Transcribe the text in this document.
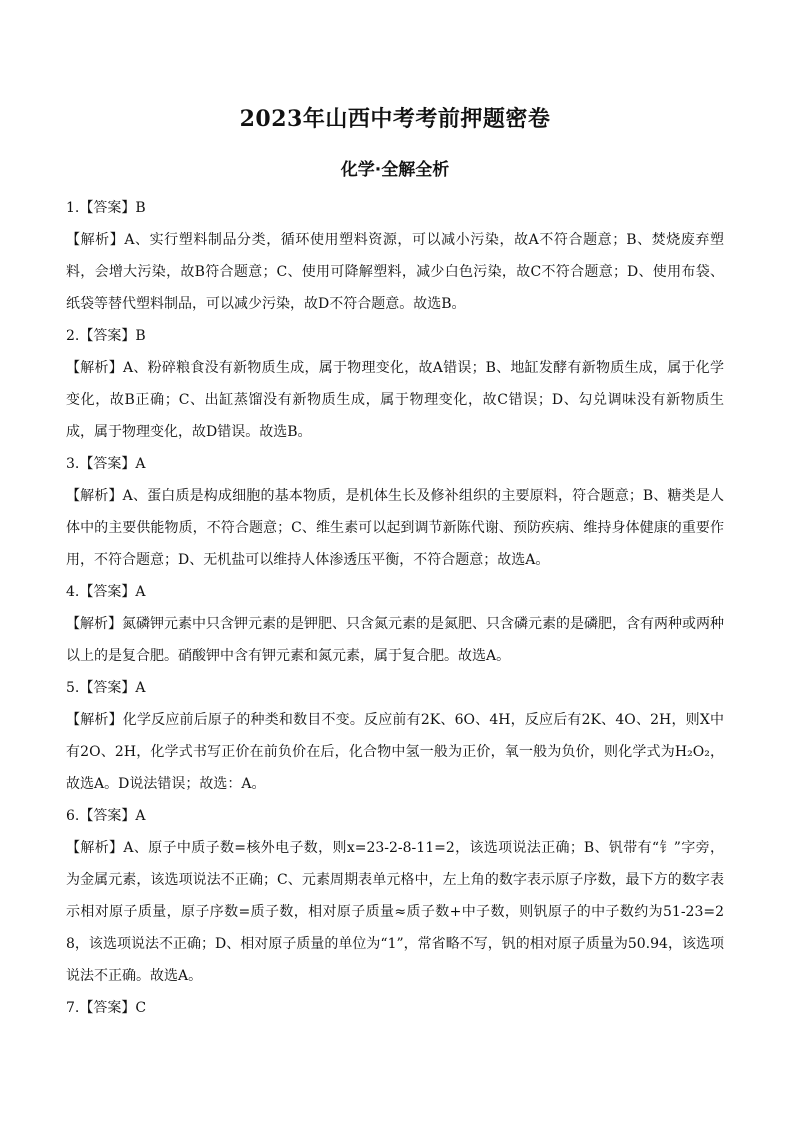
2023年山西中考考前押题密卷
化学·全解全析

1.【答案】B

【解析】A、实行塑料制品分类，循环使用塑料资源，可以减小污染，故A不符合题意；B、焚烧废弃塑料，会增大污染，故B符合题意；C、使用可降解塑料，减少白色污染，故C不符合题意；D、使用布袋、纸袋等替代塑料制品，可以减少污染，故D不符合题意。故选B。

2.【答案】B

【解析】A、粉碎粮食没有新物质生成，属于物理变化，故A错误；B、地缸发酵有新物质生成，属于化学变化，故B正确；C、出缸蒸馏没有新物质生成，属于物理变化，故C错误；D、勾兑调味没有新物质生成，属于物理变化，故D错误。故选B。

3.【答案】A

【解析】A、蛋白质是构成细胞的基本物质，是机体生长及修补组织的主要原料，符合题意；B、糖类是人体中的主要供能物质，不符合题意；C、维生素可以起到调节新陈代谢、预防疾病、维持身体健康的重要作用，不符合题意；D、无机盐可以维持人体渗透压平衡，不符合题意；故选A。

4.【答案】A

【解析】氮磷钾元素中只含钾元素的是钾肥、只含氮元素的是氮肥、只含磷元素的是磷肥，含有两种或两种以上的是复合肥。硝酸钾中含有钾元素和氮元素，属于复合肥。故选A。

5.【答案】A

【解析】化学反应前后原子的种类和数目不变。反应前有2K、6O、4H，反应后有2K、4O、2H，则X中有2O、2H，化学式书写正价在前负价在后，化合物中氢一般为正价，氧一般为负价，则化学式为H₂O₂，故选A。D说法错误；故选：A。

6.【答案】A

【解析】A、原子中质子数=核外电子数，则x=23-2-8-11=2，该选项说法正确；B、钒带有“钅”字旁，为金属元素，该选项说法不正确；C、元素周期表单元格中，左上角的数字表示原子序数，最下方的数字表示相对原子质量，原子序数=质子数，相对原子质量≈质子数+中子数，则钒原子的中子数约为51-23=28，该选项说法不正确；D、相对原子质量的单位为“1”，常省略不写，钒的相对原子质量为50.94，该选项说法不正确。故选A。

7.【答案】C
